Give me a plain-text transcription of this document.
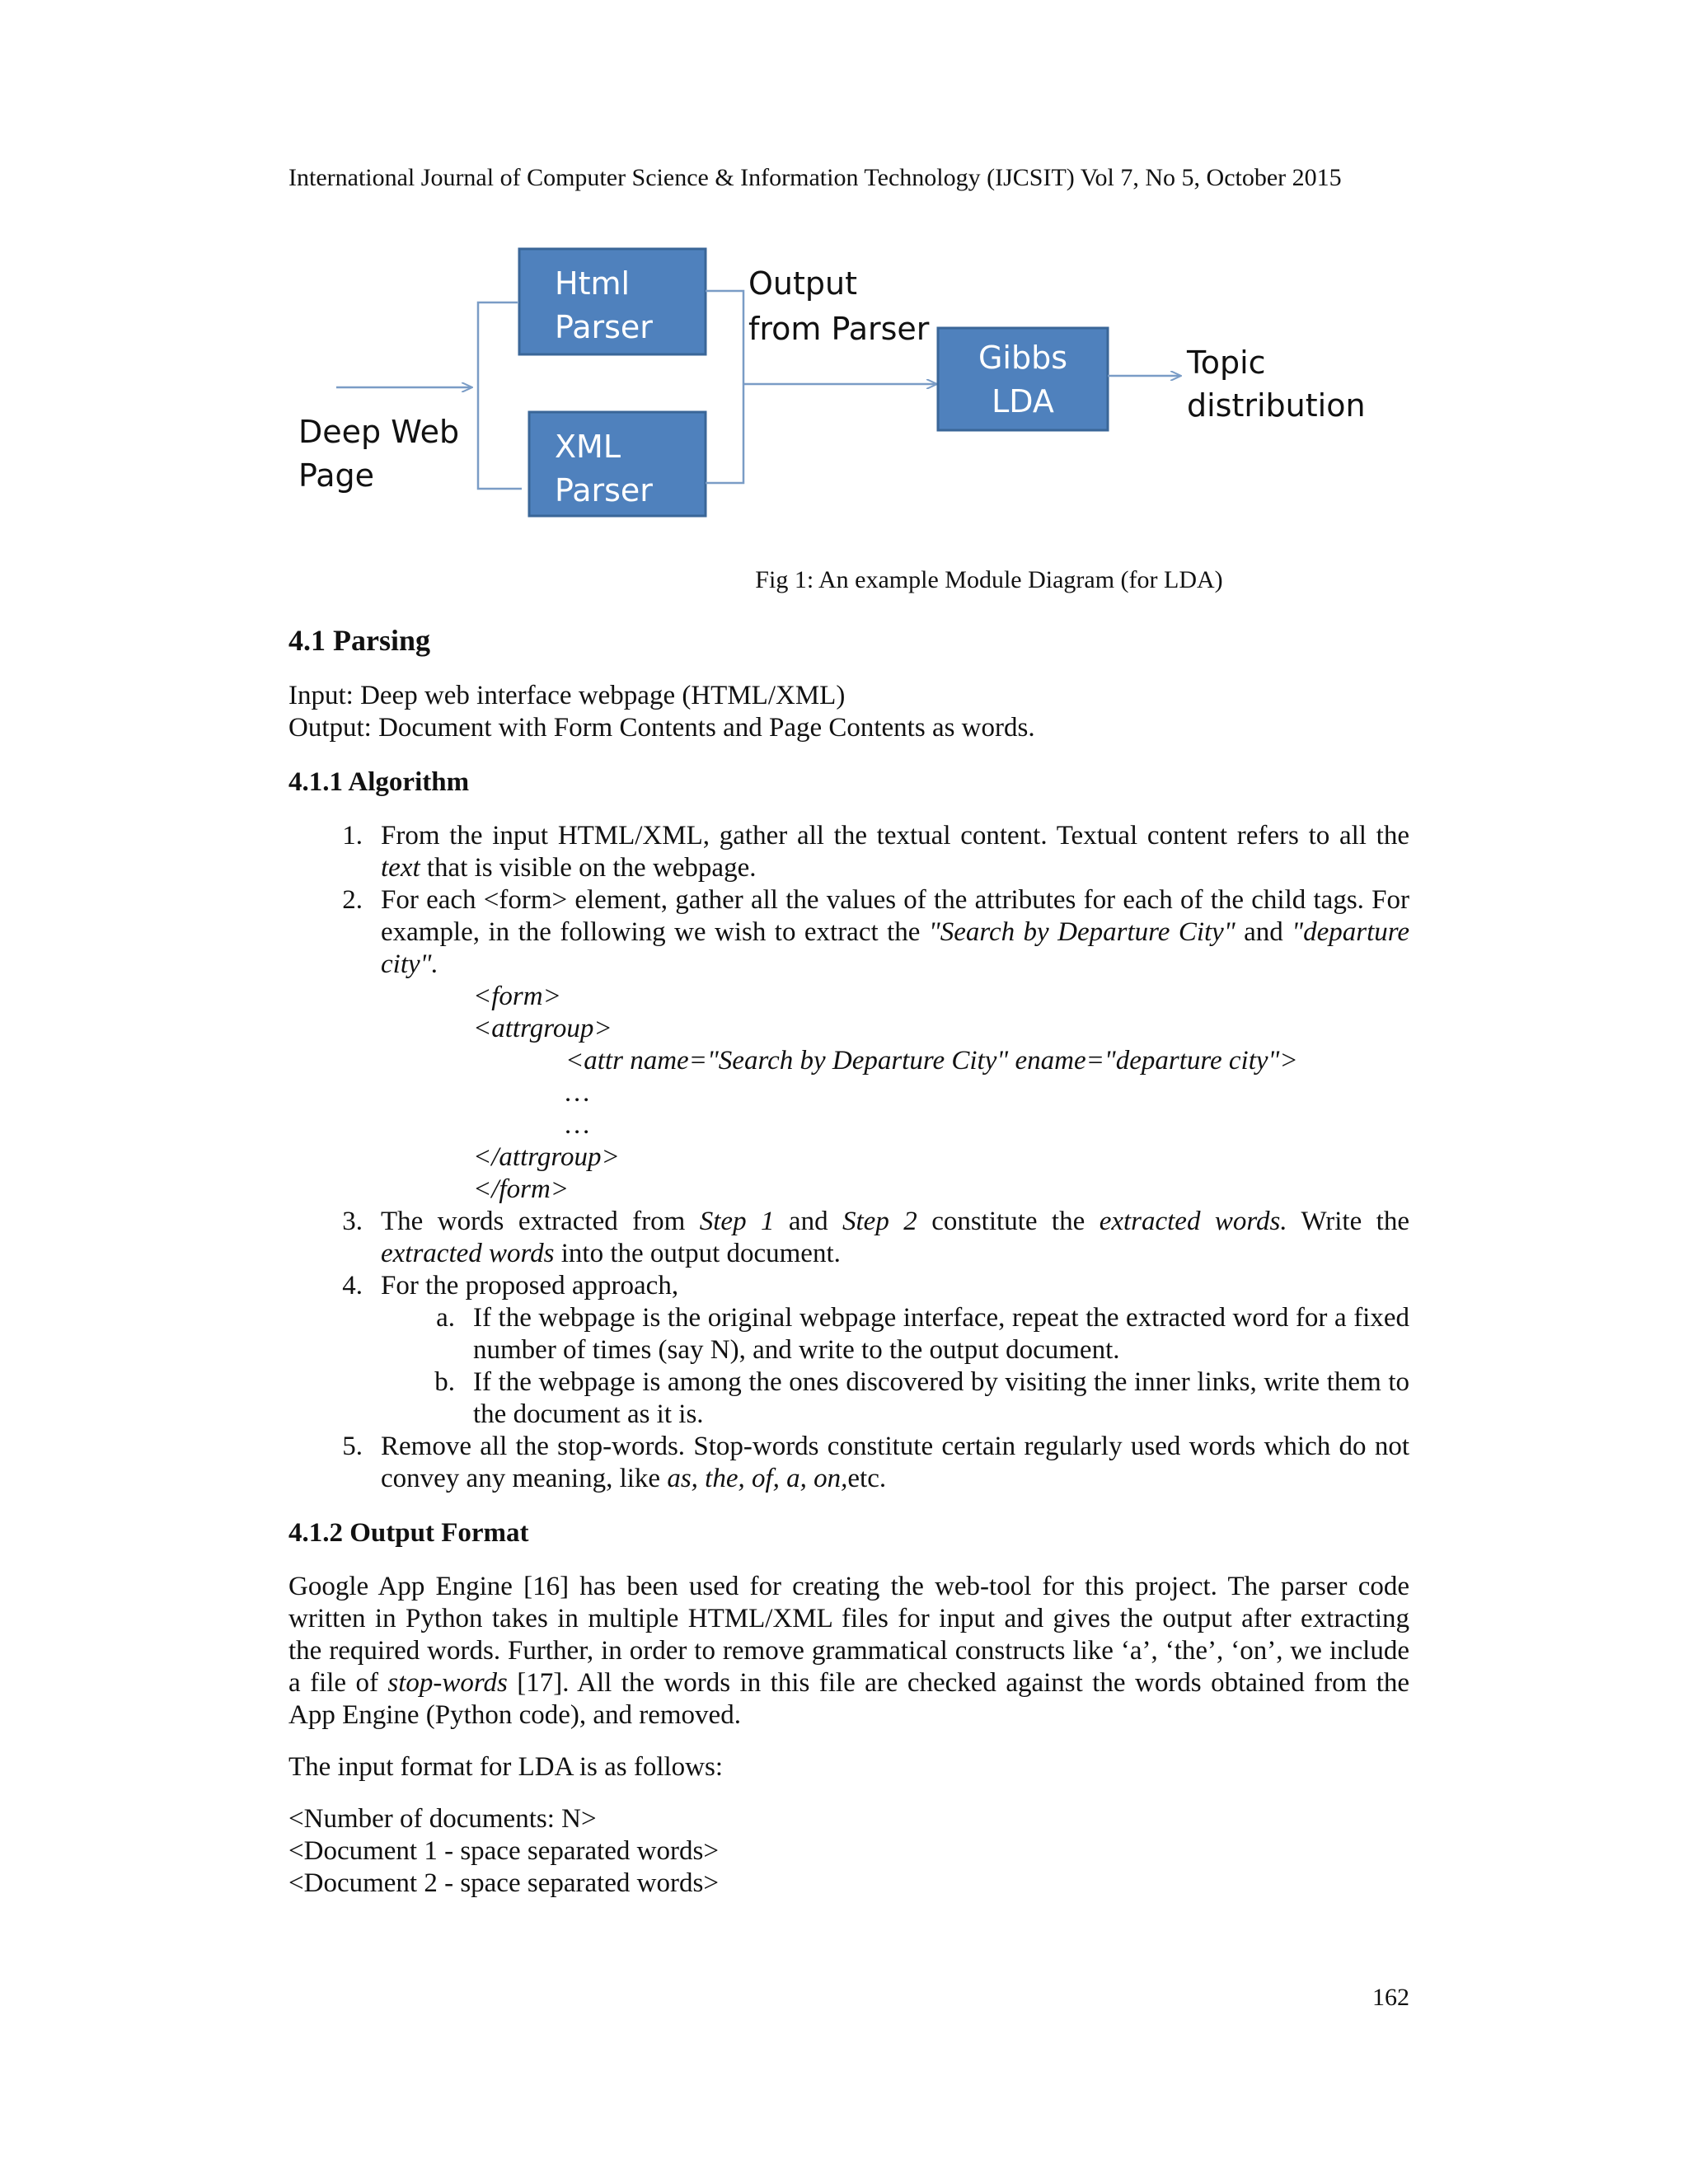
International Journal of Computer Science & Information Technology (IJCSIT) Vol 7, No 5, October 2015
Html
Parser
XML
Parser
Output
from Parser
Gibbs
LDA
Topic
distribution
Deep Web
Page
Fig 1: An example Module Diagram (for LDA)
4.1 Parsing

Input: Deep web interface webpage (HTML/XML)

Output: Document with Form Contents and Page Contents as words.

4.1.1 Algorithm
1. From the input HTML/XML, gather all the textual content. Textual content refers to all the text that is visible on the webpage.
2. For each <form> element, gather all the values of the attributes for each of the child tags. For example, in the following we wish to extract the "Search by Departure City" and "departure city".
<form>
<attrgroup>
<attr name="Search by Departure City" ename="departure city">
…
…
</attrgroup>
</form>
3. The words extracted from Step 1 and Step 2 constitute the extracted words. Write the extracted words into the output document.
4. For the proposed approach,
a. If the webpage is the original webpage interface, repeat the extracted word for a fixed number of times (say N), and write to the output document.
b. If the webpage is among the ones discovered by visiting the inner links, write them to the document as it is.
5. Remove all the stop-words. Stop-words constitute certain regularly used words which do not convey any meaning, like as, the, of, a, on,etc.
4.1.2 Output Format

Google App Engine [16] has been used for creating the web-tool for this project. The parser code written in Python takes in multiple HTML/XML files for input and gives the output after extracting the required words. Further, in order to remove grammatical constructs like ‘a’, ‘the’, ‘on’, we include a file of stop-words [17]. All the words in this file are checked against the words obtained from the App Engine (Python code), and removed.

The input format for LDA is as follows:

<Number of documents: N>

<Document 1 - space separated words>

<Document 2 - space separated words>

162
